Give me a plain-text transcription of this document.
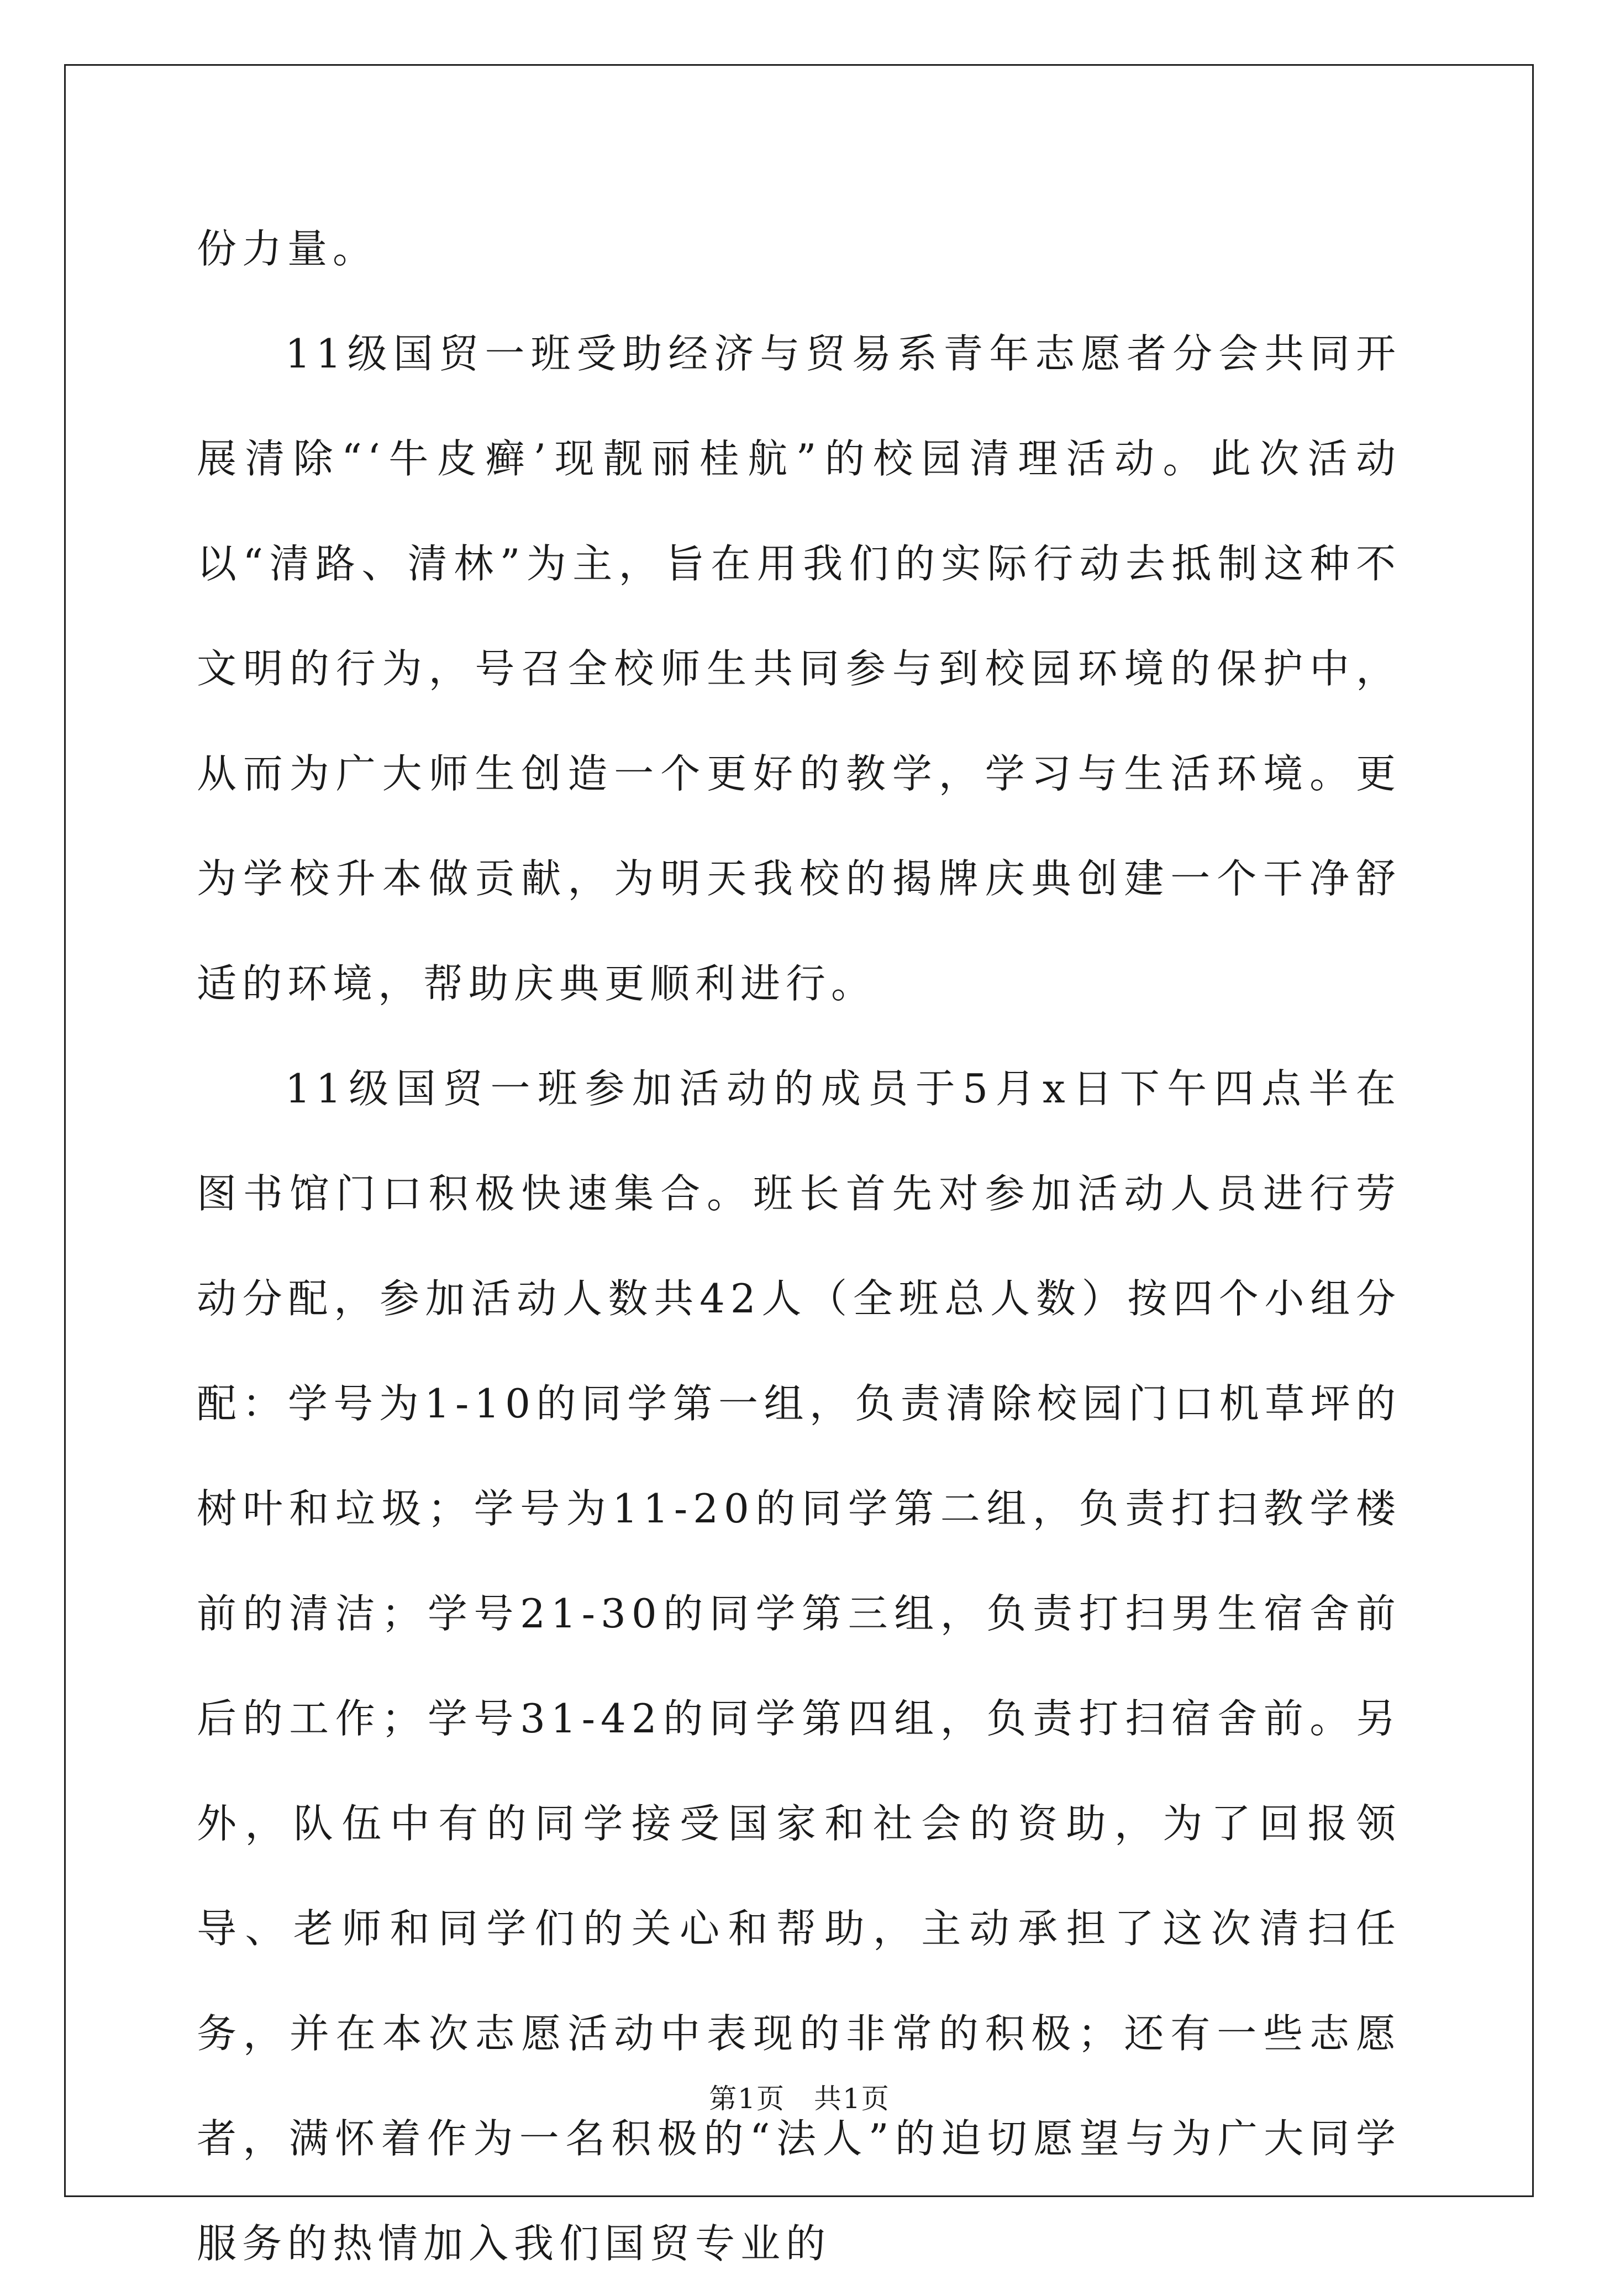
份力量。

11级国贸一班受助经济与贸易系青年志愿者分会共同开展清除“‘牛皮癣’现靓丽桂航”的校园清理活动。此次活动以“清路、清林”为主，旨在用我们的实际行动去抵制这种不文明的行为，号召全校师生共同参与到校园环境的保护中，从而为广大师生创造一个更好的教学，学习与生活环境。更为学校升本做贡献，为明天我校的揭牌庆典创建一个干净舒适的环境，帮助庆典更顺利进行。

11级国贸一班参加活动的成员于5月x日下午四点半在图书馆门口积极快速集合。班长首先对参加活动人员进行劳动分配，参加活动人数共42人（全班总人数）按四个小组分配：学号为1-10的同学第一组，负责清除校园门口机草坪的树叶和垃圾；学号为11-20的同学第二组，负责打扫教学楼前的清洁；学号21-30的同学第三组，负责打扫男生宿舍前后的工作；学号31-42的同学第四组，负责打扫宿舍前。另外，队伍中有的同学接受国家和社会的资助，为了回报领导、老师和同学们的关心和帮助，主动承担了这次清扫任务，并在本次志愿活动中表现的非常的积极；还有一些志愿者，满怀着作为一名积极的“法人”的迫切愿望与为广大同学服务的热情加入我们国贸专业的

第1页　共1页
